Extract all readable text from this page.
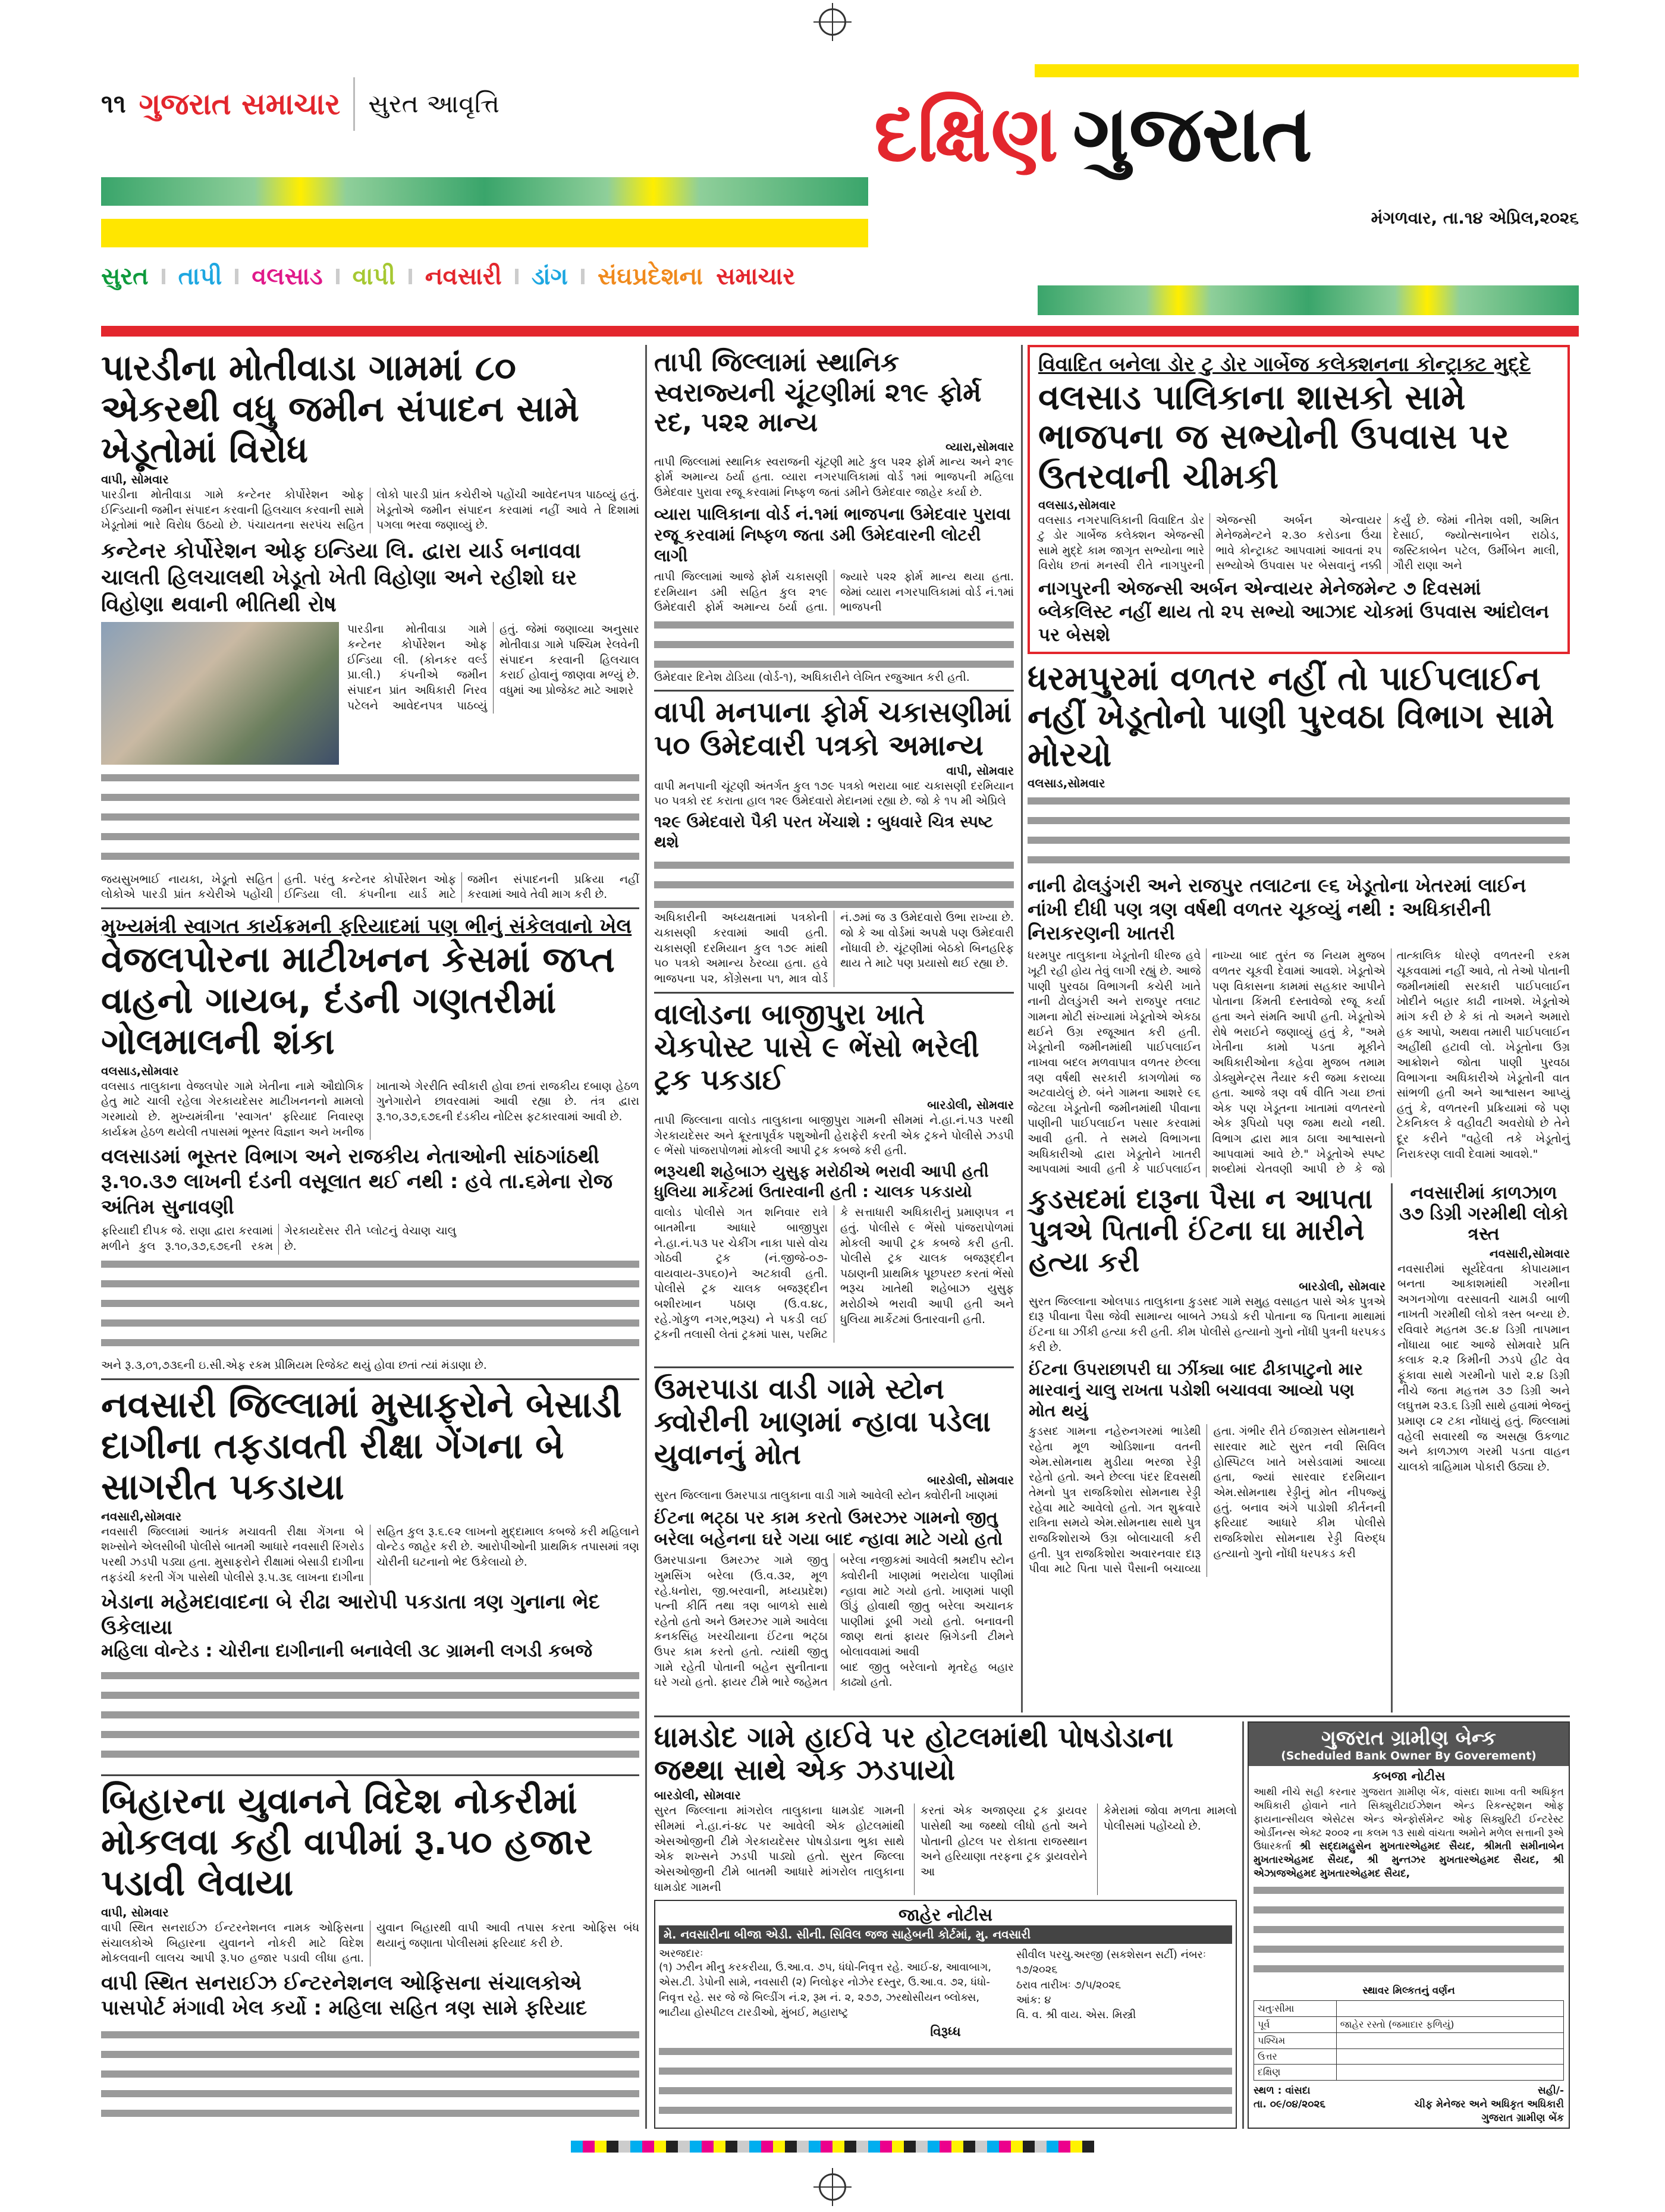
૧૧ ગુજરાત સમાચાર સુરત આવૃત્તિ	દક્ષિણ ગુજરાત
મંગળવાર, તા.૧૪ એપ્રિલ,૨૦૨૬
સુરત તાપી વલસાડ વાપી નવસારી ડાંગ સંઘપ્રદેશના સમાચાર
પારડીના મોતીવાડા ગામમાં ૮૦ એકરથી વધુ જમીન સંપાદન સામે ખેડૂતોમાં વિરોધ
વાપી, સોમવાર

પારડીના મોતીવાડા ગામે કન્ટેનર કોર્પોરેશન ઓફ ઈન્ડિયાની જમીન સંપાદન કરવાની હિલચાલ કરવાની સામે ખેડૂતોમાં ભારે વિરોધ ઉઠયો છે. પંચાયતના સરપંચ સહિત લોકો પારડી પ્રાંત કચેરીએ પહોંચી આવેદનપત્ર પાઠવ્યું હતું. ખેડૂતોએ જમીન સંપાદન કરવામાં નહીં આવે તે દિશામાં પગલા ભરવા જણાવ્યું છે.

કન્ટેનર કોર્પોરેશન ઓફ ઇન્ડિયા લિ. દ્વારા યાર્ડ બનાવવા ચાલતી હિલચાલથી ખેડૂતો ખેતી વિહોણા અને રહીશો ઘર વિહોણા થવાની ભીતિથી રોષ

પારડીના મોતીવાડા ગામે કન્ટેનર કોર્પોરેશન ઓફ ઈન્ડિયા લી. (કોનકર વર્લ્ડ પ્રા.લી.) કંપનીએ જમીન સંપાદન પ્રાંત અધિકારી નિરવ પટેલને આવેદનપત્ર પાઠવ્યું હતું. જેમાં જણાવ્યા અનુસાર મોતીવાડા ગામે પશ્ચિમ રેલવેની સંપાદન કરવાની હિલચાલ કરાઈ હોવાનું જાણવા મળ્યું છે. વધુમાં આ પ્રોજેક્ટ માટે આશરે

જયસુખભાઈ નાયકા, ખેડૂતો સહિત લોકોએ પારડી પ્રાંત કચેરીએ પહોંચી હતી. પરંતુ કન્ટેનર કોર્પોરેશન ઓફ ઈન્ડિયા લી. કંપનીના યાર્ડ માટે જમીન સંપાદનની પ્રક્રિયા નહીં કરવામાં આવે તેવી માગ કરી છે.

મુખ્યમંત્રી સ્વાગત કાર્યક્રમની ફરિયાદમાં પણ ભીનું સંકેલવાનો ખેલ
વેજલપોરના માટીખનન કેસમાં જપ્ત વાહનો ગાયબ, દંડની ગણતરીમાં ગોલમાલની શંકા
વલસાડ,સોમવાર

વલસાડ તાલુકાના વેજલપોર ગામે ખેતીના નામે ઔદ્યોગિક હેતુ માટે ચાલી રહેલા ગેરકાયદેસર માટીખનનનો મામલો ગરમાયો છે. મુખ્યમંત્રીના 'સ્વાગત' ફરિયાદ નિવારણ કાર્યક્રમ હેઠળ થયેલી તપાસમાં ભૂસ્તર વિજ્ઞાન અને ખનીજ ખાતાએ ગેરરીતિ સ્વીકારી હોવા છતાં રાજકીય દબાણ હેઠળ ગુનેગારોને છાવરવામાં આવી રહ્યા છે. તંત્ર દ્વારા રૂ.૧૦,૩૭,૬૭૬ની દંડકીય નોટિસ ફટકારવામાં આવી છે.

વલસાડમાં ભૂસ્તર વિભાગ અને રાજકીય નેતાઓની સાંઠગાંઠથી રૂ.૧૦.૩૭ લાખની દંડની વસૂલાત થઈ નથી : હવે તા.૬મેના રોજ અંતિમ સુનાવણી

ફરિયાદી દીપક જે. રાણા દ્વારા કરવામાં મળીને કુલ રૂ.૧૦,૩૭,૬૭૬ની રકમ ગેરકાયદેસર રીતે પ્લોટનું વેચાણ ચાલુ છે.

અને રૂ.૩,૦૧,૭૩૬ની ઇ.સી.એફ રકમ પ્રીમિયમ રિજેક્ટ થયું હોવા છતાં ત્યાં મંડાણા છે.

નવસારી જિલ્લામાં મુસાફરોને બેસાડી દાગીના તફડાવતી રીક્ષા ગેંગના બે સાગરીત પકડાયા
નવસારી,સોમવાર

નવસારી જિલ્લામાં આતંક મચાવતી રીક્ષા ગેંગના બે શખ્સોને એલસીબી પોલીસે બાતમી આધારે નવસારી રિંગરોડ પરથી ઝડપી પડ્યા હતા. મુસાફરોને રીક્ષામાં બેસાડી દાગીના તફડંચી કરતી ગેંગ પાસેથી પોલીસે રૂ.૫.૩૬ લાખના દાગીના સહિત કુલ રૂ.૬.૯૨ લાખનો મુદ્દામાલ કબજે કરી મહિલાને વોન્ટેડ જાહેર કરી છે. આરોપીઓની પ્રાથમિક તપાસમાં ત્રણ ચોરીની ઘટનાનો ભેદ ઉકેલાયો છે.

ખેડાના મહેમદાવાદના બે રીઢા આરોપી પકડાતા ત્રણ ગુનાના ભેદ ઉકેલાયા
મહિલા વોન્ટેડ : ચોરીના દાગીનાની બનાવેલી ૩૮ ગ્રામની લગડી કબજે
બિહારના યુવાનને વિદેશ નોકરીમાં મોકલવા કહી વાપીમાં રૂ.૫૦ હજાર પડાવી લેવાયા
વાપી, સોમવાર

વાપી સ્થિત સનરાઈઝ ઈન્ટરનેશનલ નામક ઓફિસના સંચાલકોએ બિહારના યુવાનને નોકરી માટે વિદેશ મોકલવાની લાલચ આપી રૂ.૫૦ હજાર પડાવી લીધા હતા. યુવાન બિહારથી વાપી આવી તપાસ કરતા ઓફિસ બંધ થયાનું જણાતા પોલીસમાં ફરિયાદ કરી છે.

વાપી સ્થિત સનરાઈઝ ઈન્ટરનેશનલ ઓફિસના સંચાલકોએ પાસપોર્ટ મંગાવી ખેલ કર્યો : મહિલા સહિત ત્રણ સામે ફરિયાદ
તાપી જિલ્લામાં સ્થાનિક સ્વરાજ્યની ચૂંટણીમાં ૨૧૯ ફોર્મ રદ, ૫૨૨ માન્ય
વ્યારા,સોમવાર

તાપી જિલ્લામાં સ્થાનિક સ્વરાજની ચૂંટણી માટે કુલ ૫૨૨ ફોર્મ માન્ય અને ૨૧૯ ફોર્મ અમાન્ય ઠર્યા હતા. વ્યારા નગરપાલિકામાં વોર્ડ ૧માં ભાજપની મહિલા ઉમેદવાર પુરાવા રજૂ કરવામાં નિષ્ફળ જતાં ડમીને ઉમેદવાર જાહેર કર્યા છે.

વ્યારા પાલિકાના વોર્ડ નં.૧માં ભાજપના ઉમેદવાર પુરાવા રજૂ કરવામાં નિષ્ફળ જતા ડમી ઉમેદવારની લોટરી લાગી

તાપી જિલ્લામાં આજે ફોર્મ ચકાસણી દરમિયાન ડમી સહિત કુલ ૨૧૯ ઉમેદવારી ફોર્મ અમાન્ય ઠર્યા હતા. જ્યારે ૫૨૨ ફોર્મ માન્ય થયા હતા. જેમાં વ્યારા નગરપાલિકામાં વોર્ડ નં.૧માં ભાજપની

ઉમેદવાર દિનેશ ઢોડિયા (વોર્ડ-૧), અધિકારીને લેખિત રજુઆત કરી હતી.

વાપી મનપાના ફોર્મ ચકાસણીમાં ૫૦ ઉમેદવારી પત્રકો અમાન્ય
વાપી, સોમવાર

વાપી મનપાની ચૂંટણી અંતર્ગત કુલ ૧૭૯ પત્રકો ભરાયા બાદ ચકાસણી દરમિયાન ૫૦ પત્રકો રદ કરાતા હાલ ૧૨૯ ઉમેદવારો મેદાનમાં રહ્યા છે. જો કે ૧૫ મી એપ્રિલે

૧૨૯ ઉમેદવારો પૈકી પરત ખેંચાશે : બુધવારે ચિત્ર સ્પષ્ટ થશે

અધિકારીની અધ્યક્ષતામાં પત્રકોની ચકાસણી કરવામાં આવી હતી. ચકાસણી દરમિયાન કુલ ૧૭૯ માંથી ૫૦ પત્રકો અમાન્ય ઠેરવ્યા હતા. હવે ભાજપના ૫૨, કોંગ્રેસના ૫૧, માત્ર વોર્ડ નં.૭માં જ ૩ ઉમેદવારો ઉભા રાખ્યા છે. જો કે આ વોર્ડમાં અપક્ષે પણ ઉમેદવારી નોંધાવી છે. ચૂંટણીમાં બેઠકો બિનહરિફ થાય તે માટે પણ પ્રયાસો થઈ રહ્યા છે.

વાલોડના બાજીપુરા ખાતે ચેકપોસ્ટ પાસે ૯ ભેંસો ભરેલી ટ્રક પકડાઈ
બારડોલી, સોમવાર

તાપી જિલ્લાના વાલોડ તાલુકાના બાજીપુરા ગામની સીમમાં ને.હા.નં.૫૩ પરથી ગેરકાયદેસર અને ક્રૂરતાપૂર્વક પશુઓની હેરાફેરી કરતી એક ટ્રકને પોલીસે ઝડપી ૯ ભેંસો પાંજરાપોળમાં મોકલી આપી ટ્રક કબજે કરી હતી.

ભરૂચથી શહેબાઝ યુસુફ મરોઠીએ ભરાવી આપી હતી ધુલિયા માર્કેટમાં ઉતારવાની હતી : ચાલક પકડાયો

વાલોડ પોલીસે ગત શનિવાર રાત્રે બાતમીના આધારે બાજીપુરા ને.હા.નં.૫૩ પર ચેકીંગ નાકા પાસે વોચ ગોઠવી ટ્રક (નં.જીજે-૦૭-વાયવાય-૩૫૬૦)ને અટકાવી હતી. પોલીસે ટ્રક ચાલક બજરૂદ્દીન બશીરખાન પઠાણ (ઉ.વ.૪૮, રહે.ગોકુળ નગર,ભરૂચ) ને પકડી લઈ ટ્રકની તલાસી લેતાં ટ્રકમાં પાસ, પરમિટ કે સત્તાધારી અધિકારીનું પ્રમાણપત્ર ન હતું. પોલીસે ૯ ભેંસો પાંજરાપોળમાં મોકલી આપી ટ્રક કબજે કરી હતી. પોલીસે ટ્રક ચાલક બજરૂદ્દીન પઠાણની પ્રાથમિક પૂછપરછ કરતાં ભેંસો ભરૂચ ખાતેથી શહેબાઝ યુસુફ મરોઠીએ ભરાવી આપી હતી અને ધુલિયા માર્કેટમાં ઉતારવાની હતી.

ઉમરપાડા વાડી ગામે સ્ટોન ક્વોરીની ખાણમાં ન્હાવા પડેલા યુવાનનું મોત
બારડોલી, સોમવાર

સુરત જિલ્લાના ઉમરપાડા તાલુકાના વાડી ગામે આવેલી સ્ટોન ક્વોરીની ખાણમાં

ઈંટના ભટ્ઠા પર કામ કરતો ઉમરઝર ગામનો જીતુ બરેલા બહેનના ઘરે ગયા બાદ ન્હાવા માટે ગયો હતો

ઉમરપાડાના ઉમરઝર ગામે જીતુ ખુમસિંગ બરેલા (ઉ.વ.૩૨, મૂળ રહે.ધનોરા, જી.બરવાની, મધ્યપ્રદેશ) પત્ની કીર્તિ તથા ત્રણ બાળકો સાથે રહેતો હતો અને ઉમરઝર ગામે આવેલા કનકસિંહ ખરચીયાના ઈંટના ભટ્ઠા ઉપર કામ કરતો હતો. ત્યાંથી જીતુ બરેલા નજીકમાં આવેલી શ્રમદીપ સ્ટોન ક્વોરીની ખાણમાં ભરાયેલા પાણીમાં ન્હાવા માટે ગયો હતો. ખાણમાં પાણી ઊંડું હોવાથી જીતુ બરેલા અચાનક પાણીમાં ડૂબી ગયો હતો. બનાવની જાણ થતાં ફાયર બ્રિગેડની ટીમને બોલાવવામાં આવી

ગામે રહેતી પોતાની બહેન સુનીતાના ઘરે ગયો હતો. ફાયર ટીમે ભારે જહેમત બાદ જીતુ બરેલાનો મૃતદેહ બહાર કાઢ્યો હતો.

વિવાદિત બનેલા ડોર ટુ ડોર ગાર્બેજ કલેક્શનના કોન્ટ્રાક્ટ મુદ્દે
વલસાડ પાલિકાના શાસકો સામે ભાજપના જ સભ્યોની ઉપવાસ પર ઉતરવાની ચીમકી
વલસાડ,સોમવાર

વલસાડ નગરપાલિકાની વિવાદિત ડોર ટુ ડોર ગાર્બેજ કલેક્શન એજન્સી સામે મુદ્દે કામ જાગૃત સભ્યોના ભારે વિરોધ છતાં મનસ્વી રીતે નાગપુરની એજન્સી અર્બન એન્વાયર મેનેજમેન્ટને ૨.૩૦ કરોડના ઉંચા ભાવે કોન્ટ્રાક્ટ આપવામાં આવતાં ૨૫ સભ્યોએ ઉપવાસ પર બેસવાનું નક્કી કર્યું છે. જેમાં નીતેશ વશી, અમિત દેસાઈ, જ્યોત્સનાબેન રાઠોડ, જસ્ટિકાબેન પટેલ, ઉર્મીબેન માલી, ગૌરી રાણા અને

નાગપુરની એજન્સી અર્બન એન્વાયર મેનેજમેન્ટ ૭ દિવસમાં બ્લેકલિસ્ટ નહીં થાય તો ૨૫ સભ્યો આઝાદ ચોકમાં ઉપવાસ આંદોલન પર બેસશે
ધરમપુરમાં વળતર નહીં તો પાઈપલાઈન નહીં ખેડૂતોનો પાણી પુરવઠા વિભાગ સામે મોરચો
વલસાડ,સોમવાર
નાની ઢોલડુંગરી અને રાજપુર તલાટના ૯૬ ખેડૂતોના ખેતરમાં લાઈન નાંખી દીધી પણ ત્રણ વર્ષથી વળતર ચૂકવ્યું નથી : અધિકારીની નિરાકરણની ખાતરી

ધરમપુર તાલુકાના ખેડૂતોની ધીરજ હવે ખૂટી રહી હોય તેવું લાગી રહ્યું છે. આજે પાણી પુરવઠા વિભાગની કચેરી ખાતે નાની ઢોલડુંગરી અને રાજપુર તલાટ ગામના મોટી સંખ્યામાં ખેડૂતોએ એકઠા થઈને ઉગ્ર રજૂઆત કરી હતી. ખેડૂતોની જમીનમાંથી પાઈપલાઈન નાખવા બદલ મળવાપાત્ર વળતર છેલ્લા ત્રણ વર્ષથી સરકારી કાગળોમાં જ અટવાયેલું છે. બંને ગામના આશરે ૯૬ જેટલા ખેડૂતોની જમીનમાંથી પીવાના પાણીની પાઈપલાઈન પસાર કરવામાં આવી હતી. તે સમયે વિભાગના અધિકારીઓ દ્વારા ખેડૂતોને ખાતરી આપવામાં આવી હતી કે પાઈપલાઈન નાખ્યા બાદ તુરંત જ નિયમ મુજબ વળતર ચૂકવી દેવામાં આવશે. ખેડૂતોએ પણ વિકાસના કામમાં સહકાર આપીને પોતાના કિંમતી દસ્તાવેજો રજૂ કર્યા હતા અને સંમતિ આપી હતી. ખેડૂતોએ રોષે ભરાઈને જણાવ્યું હતું કે, "અમે ખેતીના કામો પડતા મૂકીને અધિકારીઓના કહેવા મુજબ તમામ ડોક્યુમેન્ટ્સ તૈયાર કરી જમા કરાવ્યા હતા. આજે ત્રણ વર્ષ વીતિ ગયા છતાં એક પણ ખેડૂતના ખાતામાં વળતરનો એક રૂપિયો પણ જમા થયો નથી. વિભાગ દ્વારા માત્ર ઠાલા આશ્વાસનો આપવામાં આવે છે." ખેડૂતોએ સ્પષ્ટ શબ્દોમાં ચેતવણી આપી છે કે જો તાત્કાલિક ધોરણે વળતરની રકમ ચૂકવવામાં નહીં આવે, તો તેઓ પોતાની જમીનમાંથી સરકારી પાઈપલાઈન ખોદીને બહાર કાઢી નાખશે. ખેડૂતોએ માંગ કરી છે કે કાં તો અમને અમારો હક આપો, અથવા તમારી પાઈપલાઈન અહીંથી હટાવી લો. ખેડૂતોના ઉગ્ર આક્રોશને જોતા પાણી પુરવઠા વિભાગના અધિકારીએ ખેડૂતોની વાત સાંભળી હતી અને આશ્વાસન આપ્યું હતું કે, વળતરની પ્રક્રિયામાં જે પણ ટેકનિકલ કે વહીવટી અવરોધો છે તેને દૂર કરીને "વહેલી તકે ખેડૂતોનું નિરાકરણ લાવી દેવામાં આવશે."

કુડસદમાં દારૂના પૈસા ન આપતા પુત્રએ પિતાની ઈંટના ઘા મારીને હત્યા કરી
બારડોલી, સોમવાર

સુરત જિલ્લાના ઓલપાડ તાલુકાના કુડસદ ગામે સમુહ વસાહત પાસે એક પુત્રએ દારૂ પીવાના પૈસા જેવી સામાન્ય બાબતે ઝઘડો કરી પોતાના જ પિતાના માથામાં ઈંટના ઘા ઝીંકી હત્યા કરી હતી. કીમ પોલીસે હત્યાનો ગુનો નોંધી પુત્રની ધરપકડ કરી છે.

ઈંટના ઉપરાછાપરી ઘા ઝીંક્યા બાદ ઢીકાપાટુનો માર મારવાનું ચાલુ રાખતા પડોશી બચાવવા આવ્યો પણ મોત થયું

કુડસદ ગામના નહેરુનગરમાં ભાડેથી રહેતા મૂળ ઓડિશાના વતની એમ.સોમનાથ મુડીયા ભરજા રેડ્ડી રહેતો હતો. અને છેલ્લા પંદર દિવસથી તેમનો પુત્ર રાજકિશોરા સોમનાથ રેડ્ડી રહેવા માટે આવેલો હતો. ગત શુક્રવારે રાત્રિના સમયે એમ.સોમનાથ સાથે પુત્ર રાજકિશોરાએ ઉગ્ર બોલાચાલી કરી હતી. પુત્ર રાજકિશોરા અવારનવાર દારૂ પીવા માટે પિતા પાસે પૈસાની બચાવ્યા હતા. ગંભીર રીતે ઈજાગ્રસ્ત સોમનાથને સારવાર માટે સુરત નવી સિવિલ હોસ્પિટલ ખાતે ખસેડવામાં આવ્યા હતા, જ્યાં સારવાર દરમિયાન એમ.સોમનાથ રેડ્ડીનું મોત નીપજ્યું હતું. બનાવ અંગે પાડોશી કીર્તનની ફરિયાદ આધારે કીમ પોલીસે રાજકિશોરા સોમનાથ રેડ્ડી વિરુદ્ધ હત્યાનો ગુનો નોંધી ધરપકડ કરી

નવસારીમાં કાળઝાળ ૩૭ ડિગ્રી ગરમીથી લોકો ત્રસ્ત
નવસારી,સોમવાર

નવસારીમાં સૂર્યદેવતા કોપાયમાન બનતા આકાશમાંથી ગરમીના અગનગોળા વરસાવતી ચામડી બાળી નાખતી ગરમીથી લોકો ત્રસ્ત બન્યા છે. રવિવારે મહતમ ૩૯.૪ ડિગ્રી તાપમાન નોંધાયા બાદ આજે સોમવારે પ્રતિ કલાક ૨.૨ કિમીની ઝડપે હીટ વેવ ફૂંકાવા સાથે ગરમીનો પારો ૨.૪ ડિગ્રી નીચે જતા મહત્તમ ૩૭ ડિગ્રી અને લઘુત્તમ ૨૩.૬ ડિગ્રી સાથે હવામાં ભેજનું પ્રમાણ ૮૨ ટકા નોંધાયું હતું. જિલ્લામાં વહેલી સવારથી જ અસહ્ય ઉકળાટ અને કાળઝાળ ગરમી પડતા વાહન ચાલકો ત્રાહિમામ પોકારી ઉઠ્યા છે.

ધામડોદ ગામે હાઈવે પર હોટલમાંથી પોષડોડાના જથ્થા સાથે એક ઝડપાયો
બારડોલી, સોમવાર

સુરત જિલ્લાના માંગરોલ તાલુકાના ધામડોદ ગામની સીમમાં ને.હા.નં-૪૮ પર આવેલી એક હોટલમાંથી એસઓજીની ટીમે ગેરકાયદેસર પોષડોડાના ભુકા સાથે એક શખ્સને ઝડપી પાડ્યો હતો. સુરત જિલ્લા એસઓજીની ટીમે બાતમી આધારે માંગરોલ તાલુકાના ધામડોદ ગામની

કરતાં એક અજાણ્યા ટ્રક ડ્રાયવર પાસેથી આ જથ્થો લીધો હતો અને પોતાની હોટલ પર રોકાતા રાજસ્થાન અને હરિયાણા તરફના ટ્રક ડ્રાયવરોને આ

કેમેરામાં જોવા મળતા મામલો પોલીસમાં પહોંચ્યો છે.

જાહેર નોટીસ
મે. નવસારીના બીજા એડી. સીની. સિવિલ જજ સાહેબની કોર્ટમાં, મુ. નવસારી
અરજદારઃ
(૧) ઝરીન મીનુ કરકરીયા, ઉ.આ.વ. ૭૫, ધંધો-નિવૃત્ત રહે. આઈ-૪, આવાબાગ, એસ.ટી. ડેપોની સામે, નવસારી (૨) નિલોફર નોઝેર દસ્તુર, ઉ.આ.વ. ૭૨, ધંધો-નિવૃત્ત રહે. સર જે જે બિલ્ડીંગ નં.૨, રૂમ નં. ૨, ૨૭૭, ઝરથોસીયન બ્લોક્સ, ભાટીયા હોસ્પીટલ ટારડીઓ, મુંબઈ, મહારાષ્ટ્ર
સીવીલ પરચુ.અરજી (સકશેસન સર્ટી) નંબરઃ ૧૭/૨૦૨૬
ઠરાવ તારીખઃ ૭/૫/૨૦૨૬
આંક: ૪
વિ. વ. શ્રી વાય. એસ. મિસ્ત્રી
વિરૂધ્ધ
ગુજરાત ગ્રામીણ બેન્ક
(Scheduled Bank Owner By Goverement)
કબજા નોટીસ

આથી નીચે સહી કરનાર ગુજરાત ગ્રામીણ બેંક, વાંસદા શાખા વતી અધિકૃત અધિકારી હોવાને નાતે સિક્યુરીટાઈઝેશન એન્ડ રિકન્સ્ટ્રશન ઓફ ફાયનાન્સીયલ એસેટસ એન્ડ એન્ફોર્સમેન્ટ ઓફ સિક્યુરિટી ઈન્ટરેસ્ટ ઓર્ડીનન્સ એક્ટ ૨૦૦૨ ના કલમ ૧૩ સાથે વાંચતા અમોને મળેલ સત્તાની રૂએ ઉધારકર્તા શ્રી સદ્દામહુસેન મુખતારએહમદ સૈયદ, શ્રીમતી સમીનાબેન મુખતારએહમદ સૈયદ, શ્રી મુન્તઝર મુખતારએહમદ સૈયદ, શ્રી એઝાજએહમદ મુખતારએહમદ સૈયદ,

સ્થાવર મિલ્કતનું વર્ણન
ચતુઃસીમા	
પૂર્વ	જાહેર રસ્તો (જમાદાર ફળિયું)
પશ્ચિમ	
ઉત્તર	
દક્ષિણ	
સ્થળ : વાંસદા
તા. ૦૯/૦૪/૨૦૨૬
સહી/-
ચીફ મેનેજર અને અધિકૃત અધિકારી
ગુજરાત ગ્રામીણ બેંક
